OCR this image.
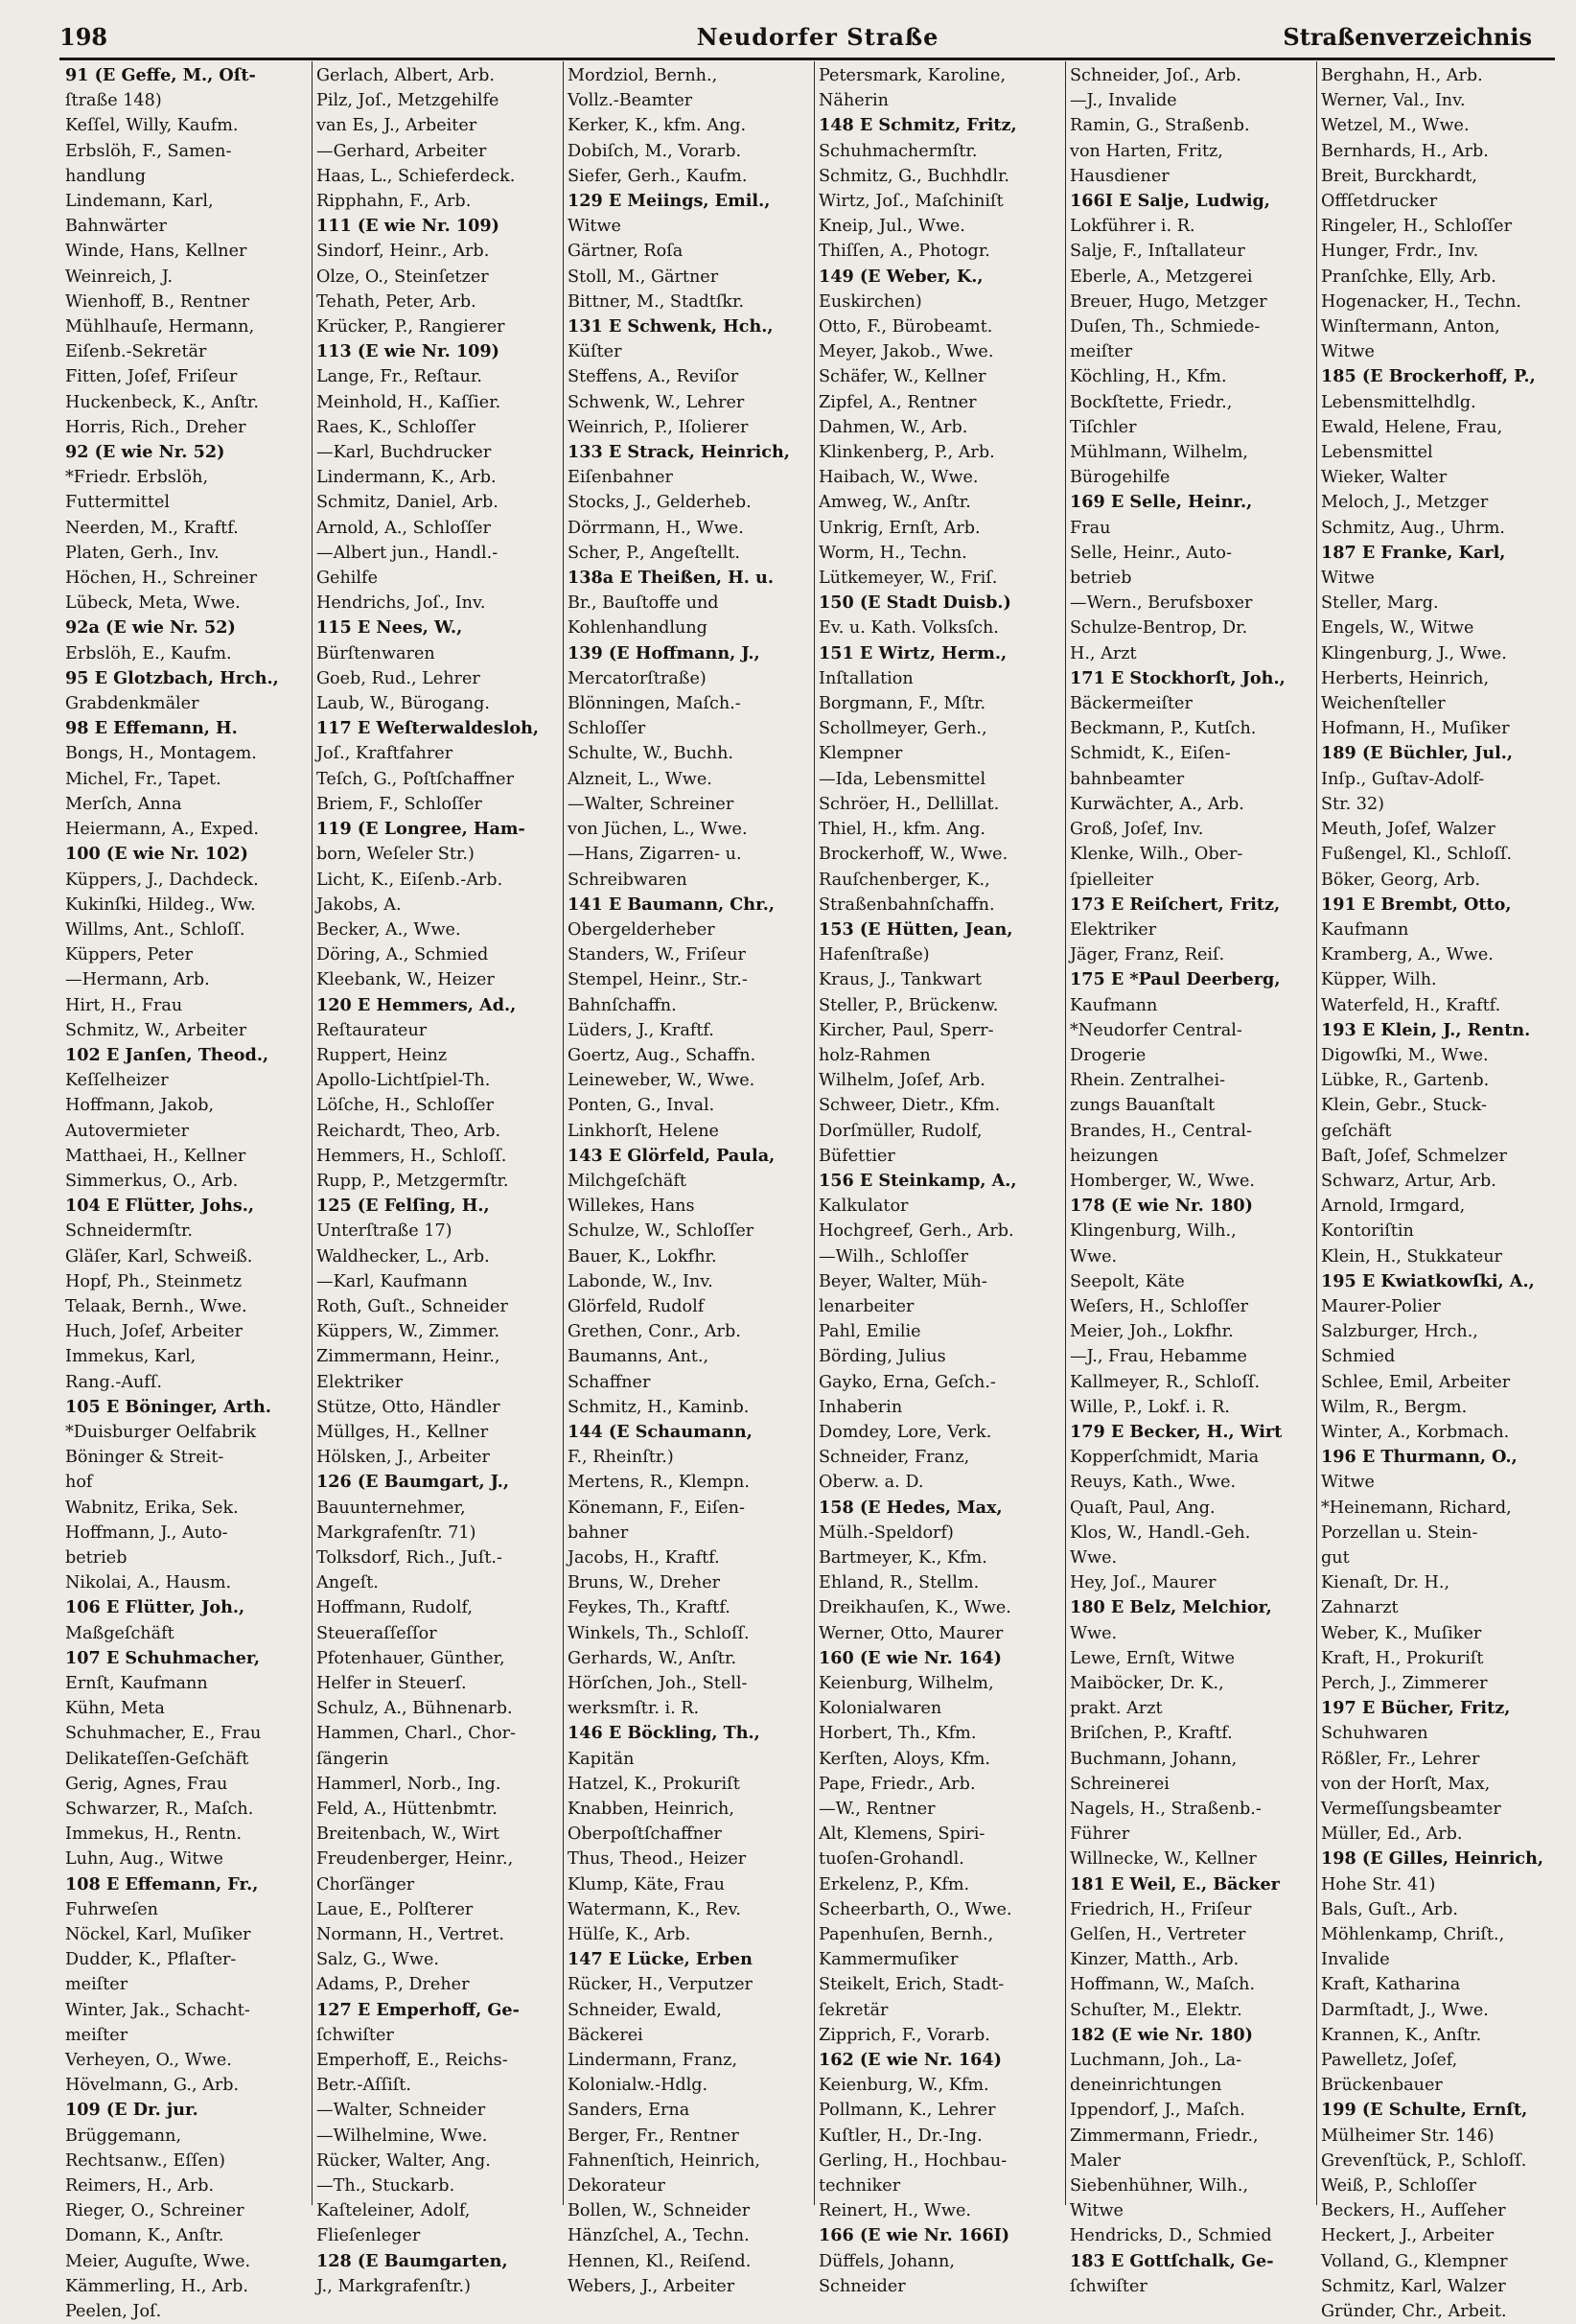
198	Neudorfer Straße	Straßenverzeichnis
91 (E Geffe, M., Oſt-
ſtraße 148)
Keſſel, Willy, Kaufm.
Erbslöh, F., Samen-
handlung
Lindemann, Karl,
Bahnwärter
Winde, Hans, Kellner
Weinreich, J.
Wienhoff, B., Rentner
Mühlhauſe, Hermann,
Eiſenb.-Sekretär
Fitten, Joſef, Friſeur
Huckenbeck, K., Anſtr.
Horris, Rich., Dreher
92 (E wie Nr. 52)
*Friedr. Erbslöh,
Futtermittel
Neerden, M., Kraftf.
Platen, Gerh., Inv.
Höchen, H., Schreiner
Lübeck, Meta, Wwe.
92a (E wie Nr. 52)
Erbslöh, E., Kaufm.
95 E Glotzbach, Hrch.,
Grabdenkmäler
98 E Effemann, H.
Bongs, H., Montagem.
Michel, Fr., Tapet.
Merſch, Anna
Heiermann, A., Exped.
100 (E wie Nr. 102)
Küppers, J., Dachdeck.
Kukinſki, Hildeg., Ww.
Willms, Ant., Schloſſ.
Küppers, Peter
—Hermann, Arb.
Hirt, H., Frau
Schmitz, W., Arbeiter
102 E Janſen, Theod.,
Keſſelheizer
Hoffmann, Jakob,
Autovermieter
Matthaei, H., Kellner
Simmerkus, O., Arb.
104 E Flütter, Johs.,
Schneidermſtr.
Gläſer, Karl, Schweiß.
Hopf, Ph., Steinmetz
Telaak, Bernh., Wwe.
Huch, Joſef, Arbeiter
Immekus, Karl,
Rang.-Aufſ.
105 E Böninger, Arth.
*Duisburger Oelfabrik
Böninger & Streit-
hof
Wabnitz, Erika, Sek.
Hoffmann, J., Auto-
betrieb
Nikolai, A., Hausm.
106 E Flütter, Joh.,
Maßgeſchäft
107 E Schuhmacher,
Ernſt, Kaufmann
Kühn, Meta
Schuhmacher, E., Frau
Delikateſſen-Geſchäft
Gerig, Agnes, Frau
Schwarzer, R., Maſch.
Immekus, H., Rentn.
Luhn, Aug., Witwe
108 E Effemann, Fr.,
Fuhrweſen
Nöckel, Karl, Muſiker
Dudder, K., Pflaſter-
meiſter
Winter, Jak., Schacht-
meiſter
Verheyen, O., Wwe.
Hövelmann, G., Arb.
109 (E Dr. jur.
Brüggemann,
Rechtsanw., Eſſen)
Reimers, H., Arb.
Rieger, O., Schreiner
Domann, K., Anſtr.
Meier, Auguſte, Wwe.
Kämmerling, H., Arb.
Peelen, Joſ.
Gerlach, Albert, Arb.
Pilz, Joſ., Metzgehilfe
van Es, J., Arbeiter
—Gerhard, Arbeiter
Haas, L., Schieferdeck.
Ripphahn, F., Arb.
111 (E wie Nr. 109)
Sindorf, Heinr., Arb.
Olze, O., Steinſetzer
Tehath, Peter, Arb.
Krücker, P., Rangierer
113 (E wie Nr. 109)
Lange, Fr., Reſtaur.
Meinhold, H., Kaſſier.
Raes, K., Schloſſer
—Karl, Buchdrucker
Lindermann, K., Arb.
Schmitz, Daniel, Arb.
Arnold, A., Schloſſer
—Albert jun., Handl.-
Gehilfe
Hendrichs, Joſ., Inv.
115 E Nees, W.,
Bürſtenwaren
Goeb, Rud., Lehrer
Laub, W., Bürogang.
117 E Weſterwaldesloh,
Joſ., Kraftfahrer
Teſch, G., Poſtſchaffner
Briem, F., Schloſſer
119 (E Longree, Ham-
born, Weſeler Str.)
Licht, K., Eiſenb.-Arb.
Jakobs, A.
Becker, A., Wwe.
Döring, A., Schmied
Kleebank, W., Heizer
120 E Hemmers, Ad.,
Reſtaurateur
Ruppert, Heinz
Apollo-Lichtſpiel-Th.
Löſche, H., Schloſſer
Reichardt, Theo, Arb.
Hemmers, H., Schloſſ.
Rupp, P., Metzgermſtr.
125 (E Felſing, H.,
Unterſtraße 17)
Waldhecker, L., Arb.
—Karl, Kaufmann
Roth, Guſt., Schneider
Küppers, W., Zimmer.
Zimmermann, Heinr.,
Elektriker
Stütze, Otto, Händler
Müllges, H., Kellner
Hölsken, J., Arbeiter
126 (E Baumgart, J.,
Bauunternehmer,
Markgrafenſtr. 71)
Tolksdorf, Rich., Juſt.-
Angeſt.
Hoffmann, Rudolf,
Steuerаſſeſſor
Pfotenhauer, Günther,
Helfer in Steuerſ.
Schulz, A., Bühnenarb.
Hammen, Charl., Chor-
ſängerin
Hammerl, Norb., Ing.
Feld, A., Hüttenbmtr.
Breitenbach, W., Wirt
Freudenberger, Heinr.,
Chorſänger
Laue, E., Polſterer
Normann, H., Vertret.
Salz, G., Wwe.
Adams, P., Dreher
127 E Emperhoff, Ge-
ſchwiſter
Emperhoff, E., Reichs-
Betr.-Aſſiſt.
—Walter, Schneider
—Wilhelmine, Wwe.
Rücker, Walter, Ang.
—Th., Stuckarb.
Kaſteleiner, Adolf,
Flieſenleger
128 (E Baumgarten,
J., Markgrafenſtr.)
Mordziol, Bernh.,
Vollz.-Beamter
Kerker, K., kfm. Ang.
Dobiſch, M., Vorarb.
Siefer, Gerh., Kaufm.
129 E Meiings, Emil.,
Witwe
Gärtner, Roſa
Stoll, M., Gärtner
Bittner, M., Stadtſkr.
131 E Schwenk, Hch.,
Küſter
Steffens, A., Reviſor
Schwenk, W., Lehrer
Weinrich, P., Iſolierer
133 E Strack, Heinrich,
Eiſenbahner
Stocks, J., Gelderheb.
Dörrmann, H., Wwe.
Scher, P., Angeſtellt.
138a E Theißen, H. u.
Br., Bauſtoffe und
Kohlenhandlung
139 (E Hoffmann, J.,
Mercatorſtraße)
Blönningen, Maſch.-
Schloſſer
Schulte, W., Buchh.
Alzneit, L., Wwe.
—Walter, Schreiner
von Jüchen, L., Wwe.
—Hans, Zigarren- u.
Schreibwaren
141 E Baumann, Chr.,
Obergelderheber
Standers, W., Friſeur
Stempel, Heinr., Str.-
Bahnſchaffn.
Lüders, J., Kraftf.
Goertz, Aug., Schaffn.
Leineweber, W., Wwe.
Ponten, G., Inval.
Linkhorſt, Helene
143 E Glörfeld, Paula,
Milchgeſchäft
Willekes, Hans
Schulze, W., Schloſſer
Bauer, K., Lokfhr.
Labonde, W., Inv.
Glörfeld, Rudolf
Grethen, Conr., Arb.
Baumanns, Ant.,
Schaffner
Schmitz, H., Kaminb.
144 (E Schaumann,
F., Rheinſtr.)
Mertens, R., Klempn.
Könemann, F., Eiſen-
bahner
Jacobs, H., Kraftf.
Bruns, W., Dreher
Feykes, Th., Kraftf.
Winkels, Th., Schloſſ.
Gerhards, W., Anſtr.
Hörſchen, Joh., Stell-
werksmſtr. i. R.
146 E Böckling, Th.,
Kapitän
Hatzel, K., Prokuriſt
Knabben, Heinrich,
Oberpoſtſchaffner
Thus, Theod., Heizer
Klump, Käte, Frau
Watermann, K., Rev.
Hülſe, K., Arb.
147 E Lücke, Erben
Rücker, H., Verputzer
Schneider, Ewald,
Bäckerei
Lindermann, Franz,
Kolonialw.-Hdlg.
Sanders, Erna
Berger, Fr., Rentner
Fahnenſtich, Heinrich,
Dekorateur
Bollen, W., Schneider
Hänzſchel, A., Techn.
Hennen, Kl., Reiſend.
Webers, J., Arbeiter
Petersmark, Karoline,
Näherin
148 E Schmitz, Fritz,
Schuhmachermſtr.
Schmitz, G., Buchhdlr.
Wirtz, Joſ., Maſchiniſt
Kneip, Jul., Wwe.
Thiſſen, A., Photogr.
149 (E Weber, K.,
Euskirchen)
Otto, F., Bürobeamt.
Meyer, Jakob., Wwe.
Schäfer, W., Kellner
Zipfel, A., Rentner
Dahmen, W., Arb.
Klinkenberg, P., Arb.
Haibach, W., Wwe.
Amweg, W., Anſtr.
Unkrig, Ernſt, Arb.
Worm, H., Techn.
Lütkemeyer, W., Friſ.
150 (E Stadt Duisb.)
Ev. u. Kath. Volksſch.
151 E Wirtz, Herm.,
Inſtallation
Borgmann, F., Mſtr.
Schollmeyer, Gerh.,
Klempner
—Ida, Lebensmittel
Schröer, H., Dellillat.
Thiel, H., kfm. Ang.
Brockerhoff, W., Wwe.
Rauſchenberger, K.,
Straßenbahnſchaffn.
153 (E Hütten, Jean,
Hafenſtraße)
Kraus, J., Tankwart
Steller, P., Brückenw.
Kircher, Paul, Sperr-
holz-Rahmen
Wilhelm, Joſef, Arb.
Schweer, Dietr., Kfm.
Dorſmüller, Rudolf,
Büfettier
156 E Steinkamp, A.,
Kalkulator
Hochgreef, Gerh., Arb.
—Wilh., Schloſſer
Beyer, Walter, Müh-
lenarbeiter
Pahl, Emilie
Börding, Julius
Gayko, Erna, Geſch.-
Inhaberin
Domdey, Lore, Verk.
Schneider, Franz,
Oberw. a. D.
158 (E Hedes, Max,
Mülh.-Speldorf)
Bartmeyer, K., Kfm.
Ehland, R., Stellm.
Dreikhauſen, K., Wwe.
Werner, Otto, Maurer
160 (E wie Nr. 164)
Keienburg, Wilhelm,
Kolonialwaren
Horbert, Th., Kfm.
Kerſten, Aloys, Kfm.
Pape, Friedr., Arb.
—W., Rentner
Alt, Klemens, Spiri-
tuoſen-Grohandl.
Erkelenz, P., Kfm.
Scheerbarth, O., Wwe.
Papenhuſen, Bernh.,
Kammermuſiker
Steikelt, Erich, Stadt-
ſekretär
Zipprich, F., Vorarb.
162 (E wie Nr. 164)
Keienburg, W., Kfm.
Pollmann, K., Lehrer
Kuſtler, H., Dr.-Ing.
Gerling, H., Hochbau-
techniker
Reinert, H., Wwe.
166 (E wie Nr. 166I)
Düffels, Johann,
Schneider
Schneider, Joſ., Arb.
—J., Invalide
Ramin, G., Straßenb.
von Harten, Fritz,
Hausdiener
166I E Salje, Ludwig,
Lokführer i. R.
Salje, F., Inſtallateur
Eberle, A., Metzgerei
Breuer, Hugo, Metzger
Duſen, Th., Schmiede-
meiſter
Köchling, H., Kfm.
Bockſtette, Friedr.,
Tiſchler
Mühlmann, Wilhelm,
Bürogehilfe
169 E Selle, Heinr.,
Frau
Selle, Heinr., Auto-
betrieb
—Wern., Berufsboxer
Schulze-Bentrop, Dr.
H., Arzt
171 E Stockhorſt, Joh.,
Bäckermeiſter
Beckmann, P., Kutſch.
Schmidt, K., Eiſen-
bahnbeamter
Kurwächter, A., Arb.
Groß, Joſef, Inv.
Klenke, Wilh., Ober-
ſpielleiter
173 E Reiſchert, Fritz,
Elektriker
Jäger, Franz, Reiſ.
175 E *Paul Deerberg,
Kaufmann
*Neudorfer Central-
Drogerie
Rhein. Zentralhei-
zungs Bauanſtalt
Brandes, H., Central-
heizungen
Homberger, W., Wwe.
178 (E wie Nr. 180)
Klingenburg, Wilh.,
Wwe.
Seepolt, Käte
Weſers, H., Schloſſer
Meier, Joh., Lokfhr.
—J., Frau, Hebamme
Kallmeyer, R., Schloſſ.
Wille, P., Lokf. i. R.
179 E Becker, H., Wirt
Kopperſchmidt, Maria
Reuys, Kath., Wwe.
Quaſt, Paul, Ang.
Klos, W., Handl.-Geh.
Wwe.
Hey, Joſ., Maurer
180 E Belz, Melchior,
Wwe.
Lewe, Ernſt, Witwe
Maiböcker, Dr. K.,
prakt. Arzt
Briſchen, P., Kraftf.
Buchmann, Johann,
Schreinerei
Nagels, H., Straßenb.-
Führer
Willnecke, W., Kellner
181 E Weil, E., Bäcker
Friedrich, H., Friſeur
Gelſen, H., Vertreter
Kinzer, Matth., Arb.
Hoffmann, W., Maſch.
Schuſter, M., Elektr.
182 (E wie Nr. 180)
Luchmann, Joh., La-
deneinrichtungen
Ippendorf, J., Maſch.
Zimmermann, Friedr.,
Maler
Siebenhühner, Wilh.,
Witwe
Hendricks, D., Schmied
183 E Gottſchalk, Ge-
ſchwiſter
Berghahn, H., Arb.
Werner, Val., Inv.
Wetzel, M., Wwe.
Bernhards, H., Arb.
Breit, Burckhardt,
Offſetdrucker
Ringeler, H., Schloſſer
Hunger, Frdr., Inv.
Pranſchke, Elly, Arb.
Hogenacker, H., Techn.
Winſtermann, Anton,
Witwe
185 (E Brockerhoff, P.,
Lebensmittelhdlg.
Ewald, Helene, Frau,
Lebensmittel
Wieker, Walter
Meloch, J., Metzger
Schmitz, Aug., Uhrm.
187 E Franke, Karl,
Witwe
Steller, Marg.
Engels, W., Witwe
Klingenburg, J., Wwe.
Herberts, Heinrich,
Weichenſteller
Hofmann, H., Muſiker
189 (E Büchler, Jul.,
Inſp., Guſtav-Adolf-
Str. 32)
Meuth, Joſef, Walzer
Fußengel, Kl., Schloſſ.
Böker, Georg, Arb.
191 E Brembt, Otto,
Kaufmann
Kramberg, A., Wwe.
Küpper, Wilh.
Waterfeld, H., Kraftf.
193 E Klein, J., Rentn.
Digowſki, M., Wwe.
Lübke, R., Gartenb.
Klein, Gebr., Stuck-
geſchäft
Baſt, Joſef, Schmelzer
Schwarz, Artur, Arb.
Arnold, Irmgard,
Kontoriſtin
Klein, H., Stukkateur
195 E Kwiatkowſki, A.,
Maurer-Polier
Salzburger, Hrch.,
Schmied
Schlee, Emil, Arbeiter
Wilm, R., Bergm.
Winter, A., Korbmach.
196 E Thurmann, O.,
Witwe
*Heinemann, Richard,
Porzellan u. Stein-
gut
Kienaſt, Dr. H.,
Zahnarzt
Weber, K., Muſiker
Kraft, H., Prokuriſt
Perch, J., Zimmerer
197 E Bücher, Fritz,
Schuhwaren
Rößler, Fr., Lehrer
von der Horſt, Max,
Vermeſſungsbeamter
Müller, Ed., Arb.
198 (E Gilles, Heinrich,
Hohe Str. 41)
Bals, Guſt., Arb.
Möhlenkamp, Chriſt.,
Invalide
Kraft, Katharina
Darmſtadt, J., Wwe.
Krannen, K., Anſtr.
Pawelletz, Joſef,
Brückenbauer
199 (E Schulte, Ernſt,
Mülheimer Str. 146)
Grevenſtück, P., Schloſſ.
Weiß, P., Schloſſer
Beckers, H., Aufſeher
Heckert, J., Arbeiter
Volland, G., Klempner
Schmitz, Karl, Walzer
Gründer, Chr., Arbeit.
